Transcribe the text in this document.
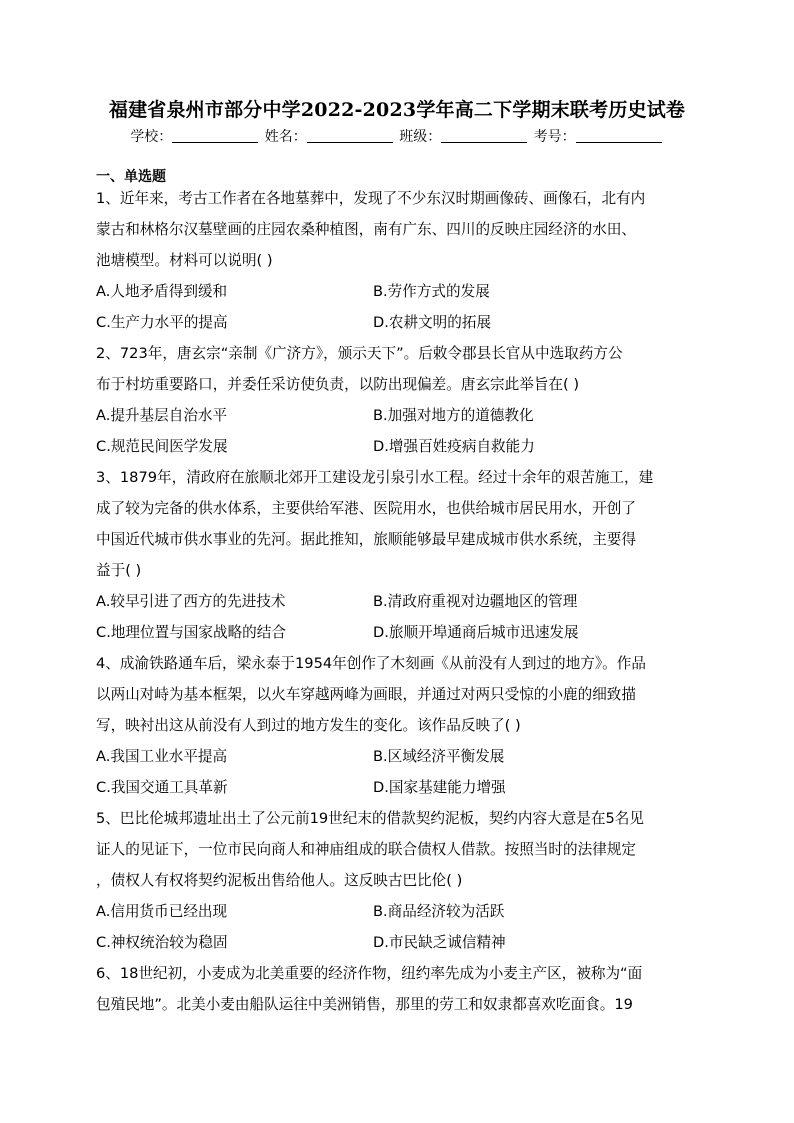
福建省泉州市部分中学2022-2023学年高二下学期末联考历史试卷
学校：	姓名：	班级：	考号：
一、单选题

1、近年来，考古工作者在各地墓葬中，发现了不少东汉时期画像砖、画像石，北有内

蒙古和林格尔汉墓壁画的庄园农桑种植图，南有广东、四川的反映庄园经济的水田、

池塘模型。材料可以说明( )

A.人地矛盾得到缓和	B.劳作方式的发展
C.生产力水平的提高	D.农耕文明的拓展

2、723年，唐玄宗“亲制《广济方》，颁示天下”。后敕令郡县长官从中选取药方公

布于村坊重要路口，并委任采访使负责，以防出现偏差。唐玄宗此举旨在( )

A.提升基层自治水平	B.加强对地方的道德教化
C.规范民间医学发展	D.增强百姓疫病自救能力

3、1879年，清政府在旅顺北郊开工建设龙引泉引水工程。经过十余年的艰苦施工，建

成了较为完备的供水体系，主要供给军港、医院用水，也供给城市居民用水，开创了

中国近代城市供水事业的先河。据此推知，旅顺能够最早建成城市供水系统，主要得

益于( )

A.较早引进了西方的先进技术	B.清政府重视对边疆地区的管理
C.地理位置与国家战略的结合	D.旅顺开埠通商后城市迅速发展

4、成渝铁路通车后，梁永泰于1954年创作了木刻画《从前没有人到过的地方》。作品

以两山对峙为基本框架，以火车穿越两峰为画眼，并通过对两只受惊的小鹿的细致描

写，映衬出这从前没有人到过的地方发生的变化。该作品反映了( )

A.我国工业水平提高	B.区域经济平衡发展
C.我国交通工具革新	D.国家基建能力增强

5、巴比伦城邦遗址出土了公元前19世纪末的借款契约泥板，契约内容大意是在5名见

证人的见证下，一位市民向商人和神庙组成的联合债权人借款。按照当时的法律规定

，债权人有权将契约泥板出售给他人。这反映古巴比伦( )

A.信用货币已经出现	B.商品经济较为活跃
C.神权统治较为稳固	D.市民缺乏诚信精神

6、18世纪初，小麦成为北美重要的经济作物，纽约率先成为小麦主产区，被称为“面

包殖民地”。北美小麦由船队运往中美洲销售，那里的劳工和奴隶都喜欢吃面食。19
